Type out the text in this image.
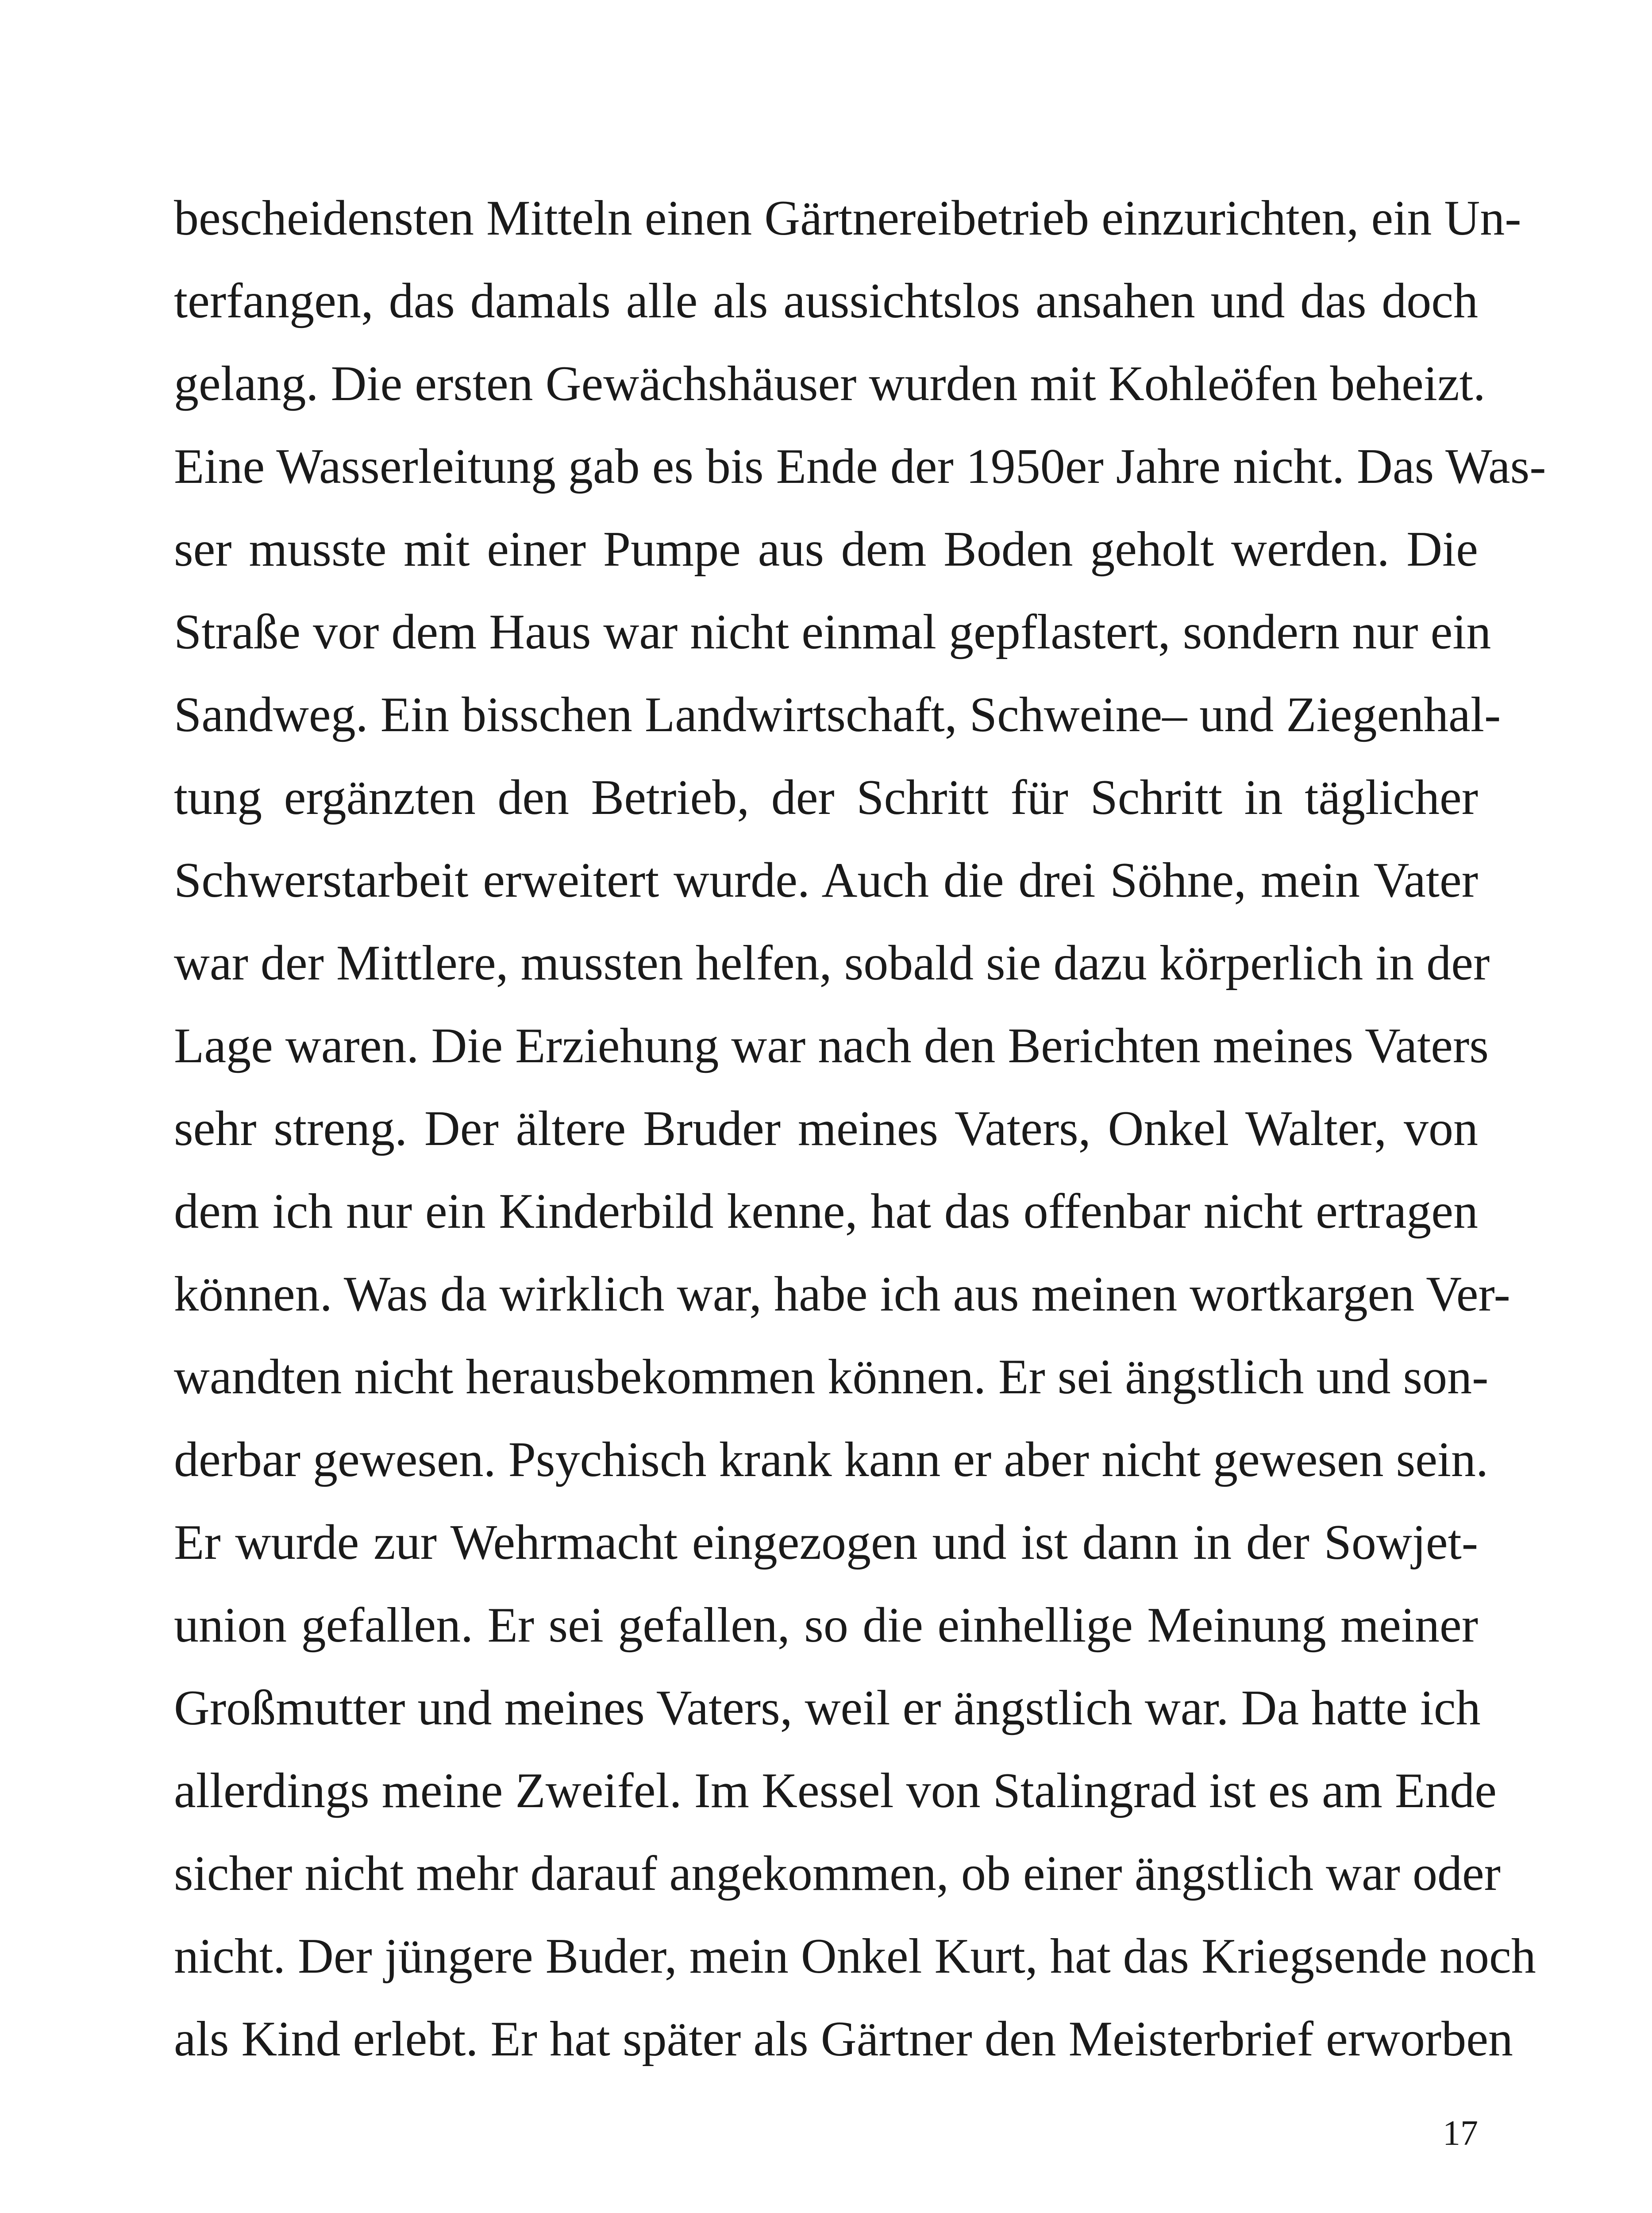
bescheidensten Mitteln einen Gärtnereibetrieb einzurichten, ein Un-
terfangen, das damals alle als aussichtslos ansahen und das doch
gelang. Die ersten Gewächshäuser wurden mit Kohleöfen beheizt.
Eine Wasserleitung gab es bis Ende der 1950er Jahre nicht. Das Was-
ser musste mit einer Pumpe aus dem Boden geholt werden. Die
Straße vor dem Haus war nicht einmal gepflastert, sondern nur ein
Sandweg. Ein bisschen Landwirtschaft, Schweine– und Ziegenhal-
tung ergänzten den Betrieb, der Schritt für Schritt in täglicher
Schwerstarbeit erweitert wurde. Auch die drei Söhne, mein Vater
war der Mittlere, mussten helfen, sobald sie dazu körperlich in der
Lage waren. Die Erziehung war nach den Berichten meines Vaters
sehr streng. Der ältere Bruder meines Vaters, Onkel Walter, von
dem ich nur ein Kinderbild kenne, hat das offenbar nicht ertragen
können. Was da wirklich war, habe ich aus meinen wortkargen Ver-
wandten nicht herausbekommen können. Er sei ängstlich und son-
derbar gewesen. Psychisch krank kann er aber nicht gewesen sein.
Er wurde zur Wehrmacht eingezogen und ist dann in der Sowjet-
union gefallen. Er sei gefallen, so die einhellige Meinung meiner
Großmutter und meines Vaters, weil er ängstlich war. Da hatte ich
allerdings meine Zweifel. Im Kessel von Stalingrad ist es am Ende
sicher nicht mehr darauf angekommen, ob einer ängstlich war oder
nicht. Der jüngere Buder, mein Onkel Kurt, hat das Kriegsende noch
als Kind erlebt. Er hat später als Gärtner den Meisterbrief erworben
17
